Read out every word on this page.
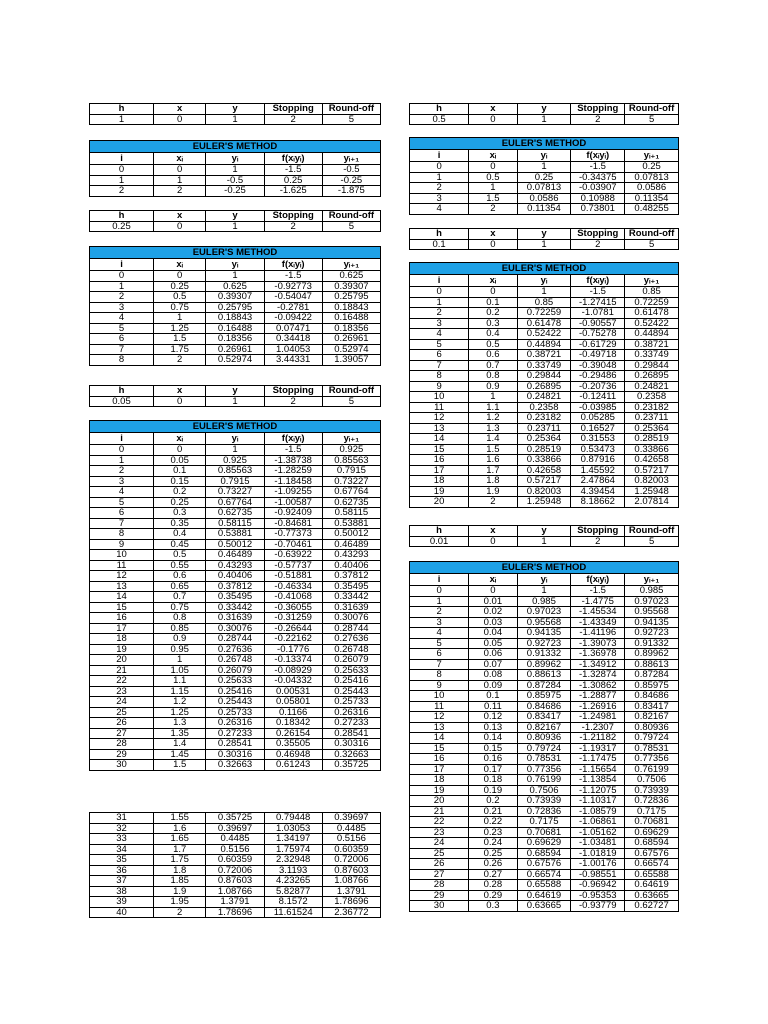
h	x	y	Stopping	Round-off
1	0	1	2	5
EULER'S METHOD				
i	xᵢ	yᵢ	f(xᵢyᵢ)	yᵢ₊₁
0	0	1	-1.5	-0.5
1	1	-0.5	0.25	-0.25
2	2	-0.25	-1.625	-1.875
h	x	y	Stopping	Round-off
0.25	0	1	2	5
EULER'S METHOD				
i	xᵢ	yᵢ	f(xᵢyᵢ)	yᵢ₊₁
0	0	1	-1.5	0.625
1	0.25	0.625	-0.92773	0.39307
2	0.5	0.39307	-0.54047	0.25795
3	0.75	0.25795	-0.2781	0.18843
4	1	0.18843	-0.09422	0.16488
5	1.25	0.16488	0.07471	0.18356
6	1.5	0.18356	0.34418	0.26961
7	1.75	0.26961	1.04053	0.52974
8	2	0.52974	3.44331	1.39057
h	x	y	Stopping	Round-off
0.05	0	1	2	5
EULER'S METHOD				
i	xᵢ	yᵢ	f(xᵢyᵢ)	yᵢ₊₁
0	0	1	-1.5	0.925
1	0.05	0.925	-1.38738	0.85563
2	0.1	0.85563	-1.28259	0.7915
3	0.15	0.7915	-1.18458	0.73227
4	0.2	0.73227	-1.09255	0.67764
5	0.25	0.67764	-1.00587	0.62735
6	0.3	0.62735	-0.92409	0.58115
7	0.35	0.58115	-0.84681	0.53881
8	0.4	0.53881	-0.77373	0.50012
9	0.45	0.50012	-0.70461	0.46489
10	0.5	0.46489	-0.63922	0.43293
11	0.55	0.43293	-0.57737	0.40406
12	0.6	0.40406	-0.51881	0.37812
13	0.65	0.37812	-0.46334	0.35495
14	0.7	0.35495	-0.41068	0.33442
15	0.75	0.33442	-0.36055	0.31639
16	0.8	0.31639	-0.31259	0.30076
17	0.85	0.30076	-0.26644	0.28744
18	0.9	0.28744	-0.22162	0.27636
19	0.95	0.27636	-0.1776	0.26748
20	1	0.26748	-0.13374	0.26079
21	1.05	0.26079	-0.08929	0.25633
22	1.1	0.25633	-0.04332	0.25416
23	1.15	0.25416	0.00531	0.25443
24	1.2	0.25443	0.05801	0.25733
25	1.25	0.25733	0.1166	0.26316
26	1.3	0.26316	0.18342	0.27233
27	1.35	0.27233	0.26154	0.28541
28	1.4	0.28541	0.35505	0.30316
29	1.45	0.30316	0.46948	0.32663
30	1.5	0.32663	0.61243	0.35725
31	1.55	0.35725	0.79448	0.39697
32	1.6	0.39697	1.03053	0.4485
33	1.65	0.4485	1.34197	0.5156
34	1.7	0.5156	1.75974	0.60359
35	1.75	0.60359	2.32948	0.72006
36	1.8	0.72006	3.1193	0.87603
37	1.85	0.87603	4.23265	1.08766
38	1.9	1.08766	5.82877	1.3791
39	1.95	1.3791	8.1572	1.78696
40	2	1.78696	11.61524	2.36772
h	x	y	Stopping	Round-off
0.5	0	1	2	5
EULER'S METHOD				
i	xᵢ	yᵢ	f(xᵢyᵢ)	yᵢ₊₁
0	0	1	-1.5	0.25
1	0.5	0.25	-0.34375	0.07813
2	1	0.07813	-0.03907	0.0586
3	1.5	0.0586	0.10988	0.11354
4	2	0.11354	0.73801	0.48255
h	x	y	Stopping	Round-off
0.1	0	1	2	5
EULER'S METHOD				
i	xᵢ	yᵢ	f(xᵢyᵢ)	yᵢ₊₁
0	0	1	-1.5	0.85
1	0.1	0.85	-1.27415	0.72259
2	0.2	0.72259	-1.0781	0.61478
3	0.3	0.61478	-0.90557	0.52422
4	0.4	0.52422	-0.75278	0.44894
5	0.5	0.44894	-0.61729	0.38721
6	0.6	0.38721	-0.49718	0.33749
7	0.7	0.33749	-0.39048	0.29844
8	0.8	0.29844	-0.29486	0.26895
9	0.9	0.26895	-0.20736	0.24821
10	1	0.24821	-0.12411	0.2358
11	1.1	0.2358	-0.03985	0.23182
12	1.2	0.23182	0.05285	0.23711
13	1.3	0.23711	0.16527	0.25364
14	1.4	0.25364	0.31553	0.28519
15	1.5	0.28519	0.53473	0.33866
16	1.6	0.33866	0.87916	0.42658
17	1.7	0.42658	1.45592	0.57217
18	1.8	0.57217	2.47864	0.82003
19	1.9	0.82003	4.39454	1.25948
20	2	1.25948	8.18662	2.07814
h	x	y	Stopping	Round-off
0.01	0	1	2	5
EULER'S METHOD				
i	xᵢ	yᵢ	f(xᵢyᵢ)	yᵢ₊₁
0	0	1	-1.5	0.985
1	0.01	0.985	-1.4775	0.97023
2	0.02	0.97023	-1.45534	0.95568
3	0.03	0.95568	-1.43349	0.94135
4	0.04	0.94135	-1.41196	0.92723
5	0.05	0.92723	-1.39073	0.91332
6	0.06	0.91332	-1.36978	0.89962
7	0.07	0.89962	-1.34912	0.88613
8	0.08	0.88613	-1.32874	0.87284
9	0.09	0.87284	-1.30862	0.85975
10	0.1	0.85975	-1.28877	0.84686
11	0.11	0.84686	-1.26916	0.83417
12	0.12	0.83417	-1.24981	0.82167
13	0.13	0.82167	-1.2307	0.80936
14	0.14	0.80936	-1.21182	0.79724
15	0.15	0.79724	-1.19317	0.78531
16	0.16	0.78531	-1.17475	0.77356
17	0.17	0.77356	-1.15654	0.76199
18	0.18	0.76199	-1.13854	0.7506
19	0.19	0.7506	-1.12075	0.73939
20	0.2	0.73939	-1.10317	0.72836
21	0.21	0.72836	-1.08579	0.7175
22	0.22	0.7175	-1.06861	0.70681
23	0.23	0.70681	-1.05162	0.69629
24	0.24	0.69629	-1.03481	0.68594
25	0.25	0.68594	-1.01819	0.67576
26	0.26	0.67576	-1.00176	0.66574
27	0.27	0.66574	-0.98551	0.65588
28	0.28	0.65588	-0.96942	0.64619
29	0.29	0.64619	-0.95353	0.63665
30	0.3	0.63665	-0.93779	0.62727
